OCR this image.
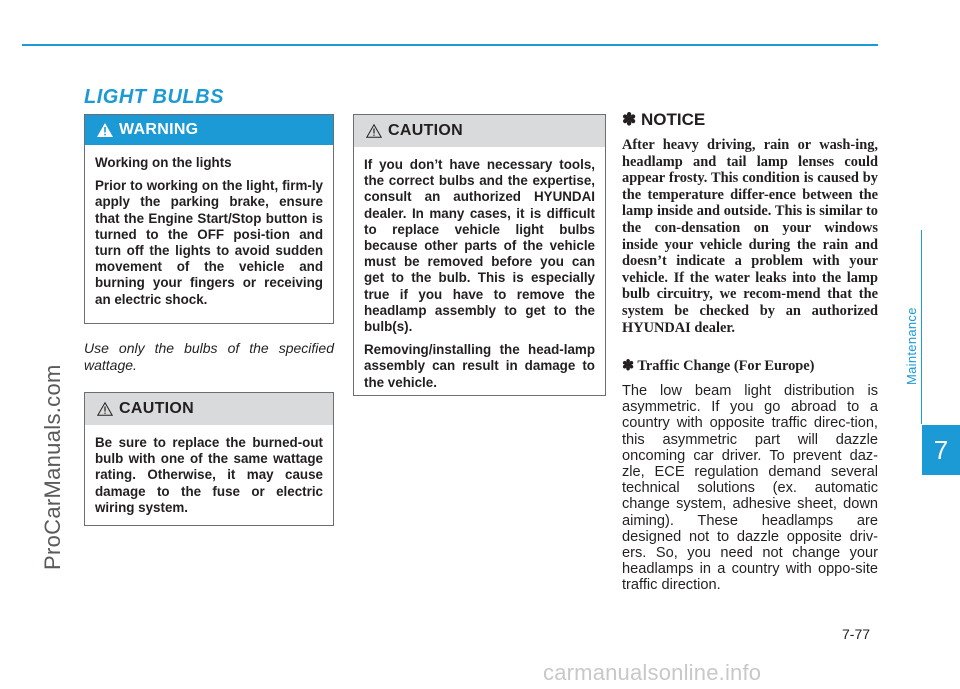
LIGHT BULBS
WARNING

Working on the lights

Prior to working on the light, firm-ly apply the parking brake, ensure that the Engine Start/Stop button is turned to the OFF posi-tion and turn off the lights to avoid sudden movement of the vehicle and burning your fingers or receiving an electric shock.

Use only the bulbs of the specified wattage.
CAUTION

Be sure to replace the burned-out bulb with one of the same wattage rating. Otherwise, it may cause damage to the fuse or electric wiring system.

CAUTION

If you don’t have necessary tools, the correct bulbs and the expertise, consult an authorized HYUNDAI dealer. In many cases, it is difficult to replace vehicle light bulbs because other parts of the vehicle must be removed before you can get to the bulb. This is especially true if you have to remove the headlamp assembly to get to the bulb(s).

Removing/installing the head-lamp assembly can result in damage to the vehicle.

✽ NOTICE
After heavy driving, rain or wash-ing, headlamp and tail lamp lenses could appear frosty. This condition is caused by the temperature differ-ence between the lamp inside and outside. This is similar to the con-densation on your windows inside your vehicle during the rain and doesn’t indicate a problem with your vehicle. If the water leaks into the lamp bulb circuitry, we recom-mend that the system be checked by an authorized HYUNDAI dealer.
✽ Traffic Change (For Europe)
The low beam light distribution is asymmetric. If you go abroad to a country with opposite traffic direc-tion, this asymmetric part will dazzle oncoming car driver. To prevent daz-zle, ECE regulation demand several technical solutions (ex. automatic change system, adhesive sheet, down aiming). These headlamps are designed not to dazzle opposite driv-ers. So, you need not change your headlamps in a country with oppo-site traffic direction.
Maintenance
7
7-77
ProCarManuals.com
carmanualsonline.info
